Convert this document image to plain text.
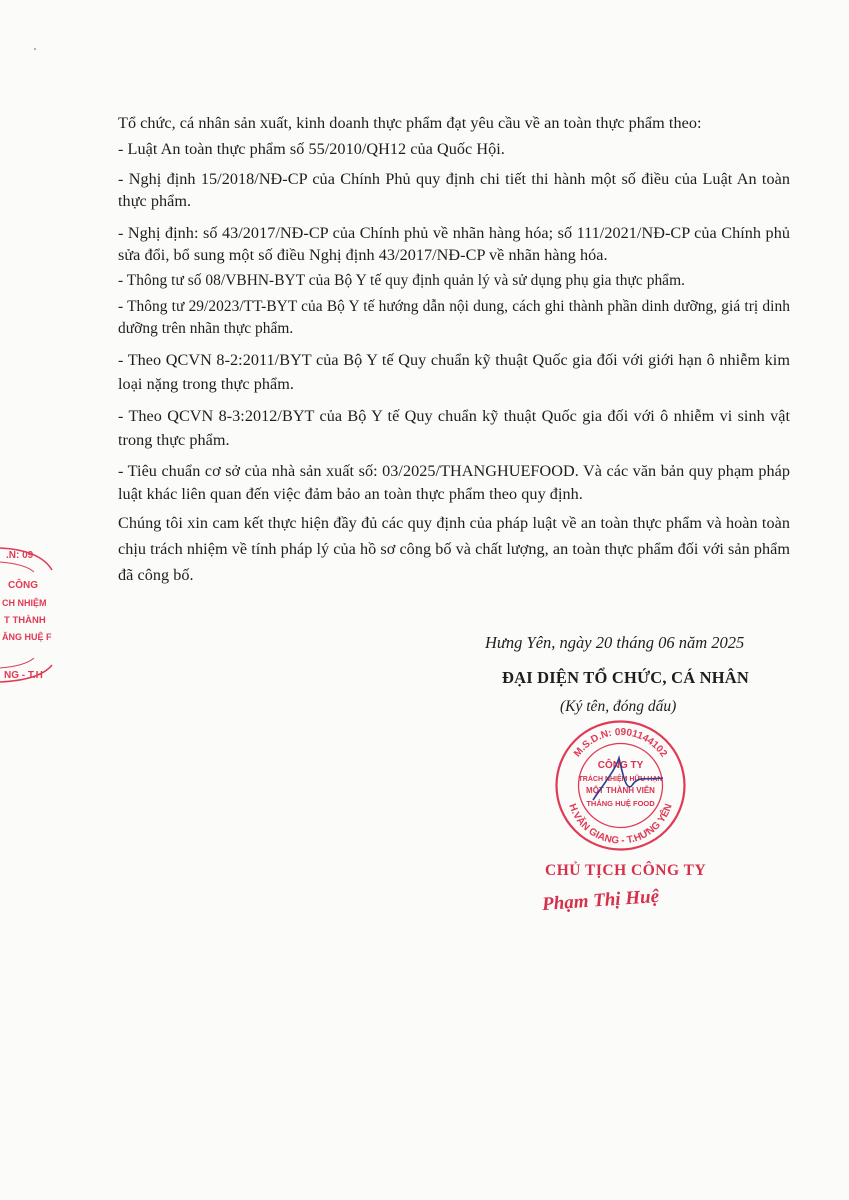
.N: 09
CÔNG
CH NHIỆM
T THÀNH
ĂNG HUỆ F
NG - T.H

Tổ chức, cá nhân sản xuất, kinh doanh thực phẩm đạt yêu cầu về an toàn thực phẩm theo:

- Luật An toàn thực phẩm số 55/2010/QH12 của Quốc Hội.

- Nghị định 15/2018/NĐ-CP của Chính Phủ quy định chi tiết thi hành một số điều của Luật An toàn thực phẩm.

- Nghị định: số 43/2017/NĐ-CP của Chính phủ về nhãn hàng hóa; số 111/2021/NĐ-CP của Chính phủ sửa đổi, bổ sung một số điều Nghị định 43/2017/NĐ-CP về nhãn hàng hóa.

- Thông tư số 08/VBHN-BYT của Bộ Y tế quy định quản lý và sử dụng phụ gia thực phẩm.

- Thông tư 29/2023/TT-BYT của Bộ Y tế hướng dẫn nội dung, cách ghi thành phần dinh dưỡng, giá trị dinh dưỡng trên nhãn thực phẩm.

- Theo QCVN 8-2:2011/BYT của Bộ Y tế Quy chuẩn kỹ thuật Quốc gia đối với giới hạn ô nhiễm kim loại nặng trong thực phẩm.

- Theo QCVN 8-3:2012/BYT của Bộ Y tế Quy chuẩn kỹ thuật Quốc gia đối với ô nhiễm vi sinh vật trong thực phẩm.

- Tiêu chuẩn cơ sở của nhà sản xuất số: 03/2025/THANGHUEFOOD. Và các văn bản quy phạm pháp luật khác liên quan đến việc đảm bảo an toàn thực phẩm theo quy định.

Chúng tôi xin cam kết thực hiện đầy đủ các quy định của pháp luật về an toàn thực phẩm và hoàn toàn chịu trách nhiệm về tính pháp lý của hồ sơ công bố và chất lượng, an toàn thực phẩm đối với sản phẩm đã công bố.

Hưng Yên, ngày 20 tháng 06 năm 2025
ĐẠI DIỆN TỔ CHỨC, CÁ NHÂN
(Ký tên, đóng dấu)
M.S.D.N: 0901144102
H.VĂN GIANG - T.HƯNG YÊN
CÔNG TY
TRÁCH NHIỆM HỮU HẠN
MỘT THÀNH VIÊN
THẮNG HUỆ FOOD
CHỦ TỊCH CÔNG TY
Phạm Thị Huệ
